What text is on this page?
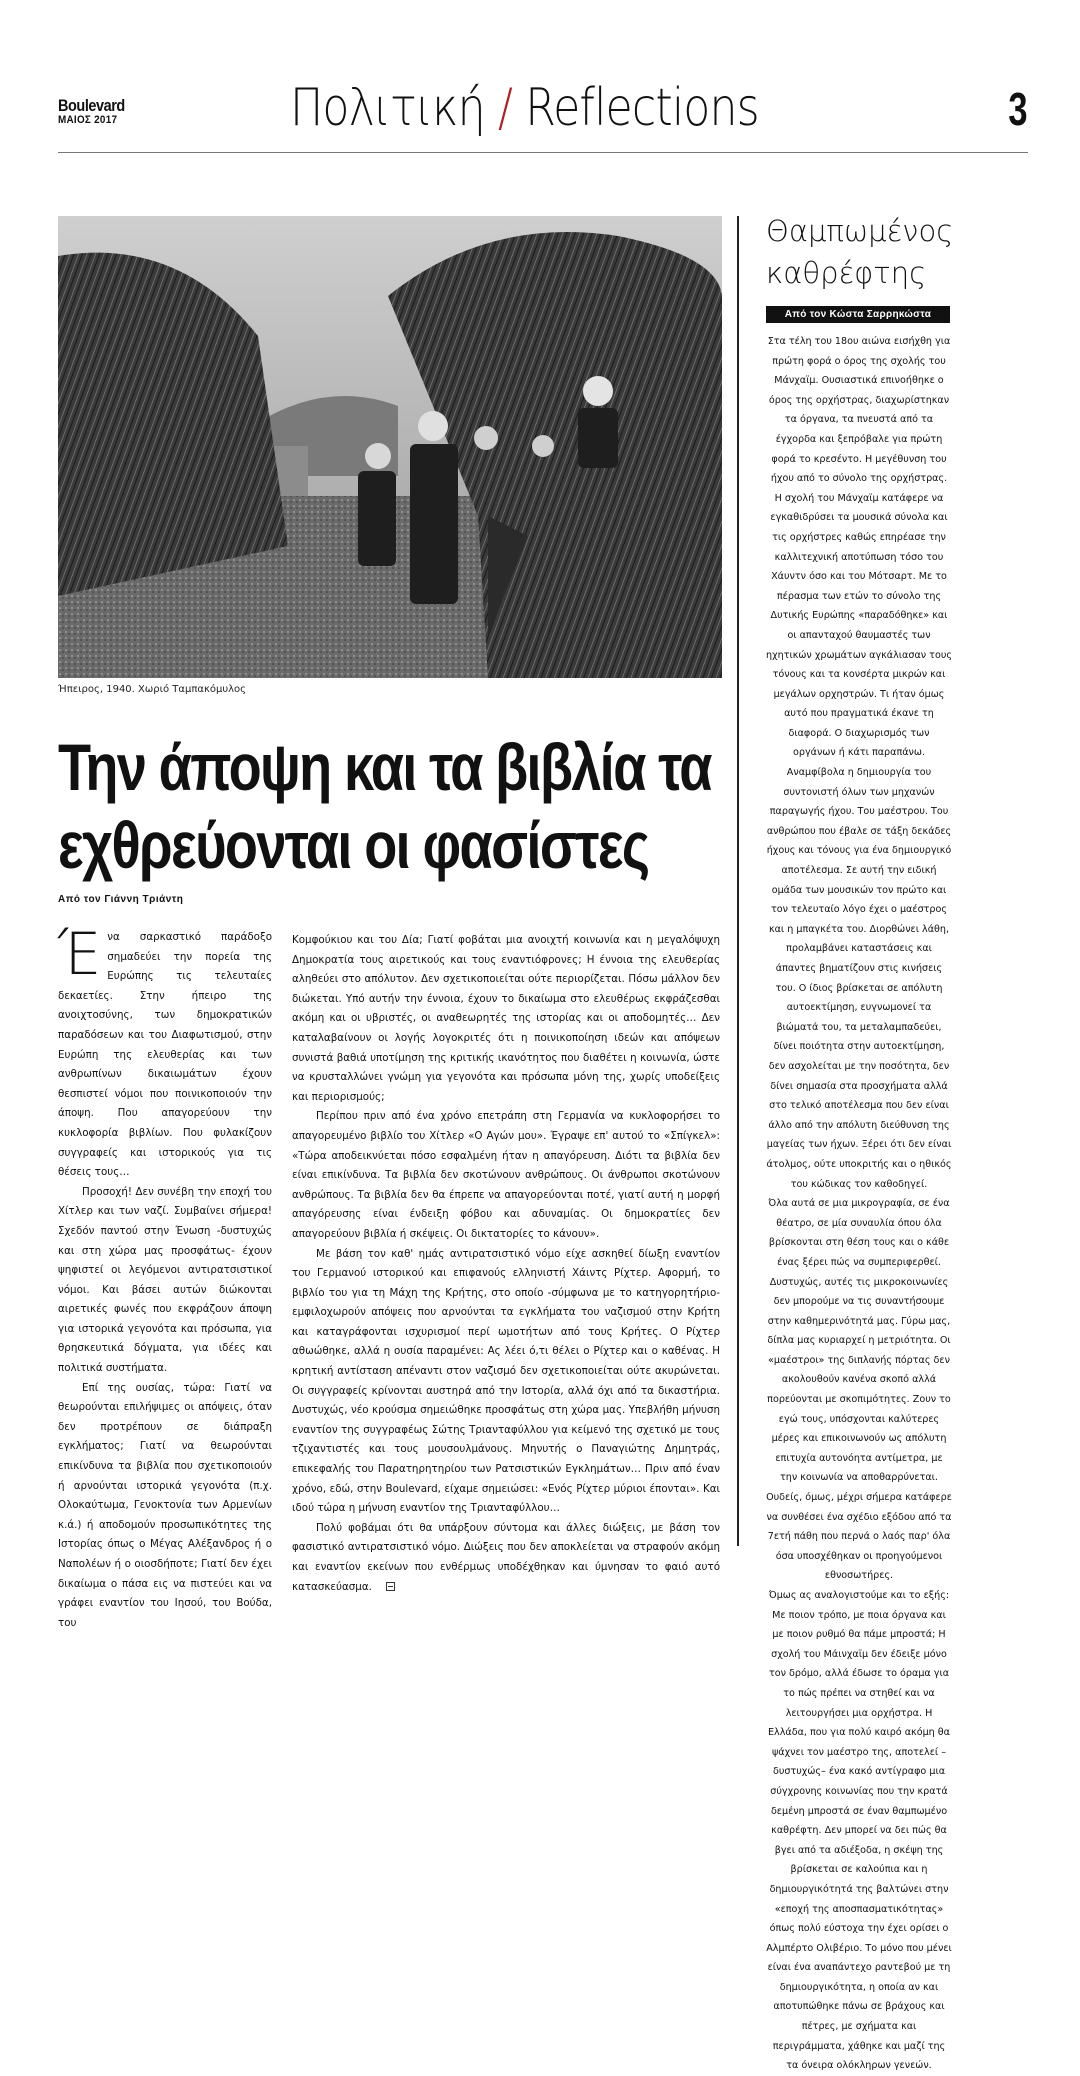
Boulevard
ΜΑΙΟΣ 2017	Πολιτική / Reflections	3
Ήπειρος, 1940. Χωριό Ταμπακόμυλος
Την άποψη και τα βιβλία τα εχθρεύονται οι φασίστες
Από τον Γιάννη Τριάντη

Ένα σαρκαστικό παράδοξο σημαδεύει την πορεία της Ευρώπης τις τελευταίες δεκαετίες. Στην ήπειρο της ανοιχτοσύνης, των δημοκρατικών παραδόσεων και του Διαφωτισμού, στην Ευρώπη της ελευθερίας και των ανθρωπίνων δικαιωμάτων έχουν θεσπιστεί νόμοι που ποινικοποιούν την άποψη. Που απαγορεύουν την κυκλοφορία βιβλίων. Που φυλακίζουν συγγραφείς και ιστορικούς για τις θέσεις τους…

Προσοχή! Δεν συνέβη την εποχή του Χίτλερ και των ναζί. Συμβαίνει σήμερα! Σχεδόν παντού στην Ένωση -δυστυχώς και στη χώρα μας προσφάτως- έχουν ψηφιστεί οι λεγόμενοι αντιρατσιστικοί νόμοι. Και βάσει αυτών διώκονται αιρετικές φωνές που εκφράζουν άποψη για ιστορικά γεγονότα και πρόσωπα, για θρησκευτικά δόγματα, για ιδέες και πολιτικά συστήματα.

Επί της ουσίας, τώρα: Γιατί να θεωρούνται επιλήψιμες οι απόψεις, όταν δεν προτρέπουν σε διάπραξη εγκλήματος; Γιατί να θεωρούνται επικίνδυνα τα βιβλία που σχετικοποιούν ή αρνούνται ιστορικά γεγονότα (π.χ. Ολοκαύτωμα, Γενοκτονία των Αρμενίων κ.ά.) ή αποδομούν προσωπικότητες της Ιστορίας όπως ο Μέγας Αλέξανδρος ή ο Ναπολέων ή ο οιοσδήποτε; Γιατί δεν έχει δικαίωμα ο πάσα εις να πιστεύει και να γράφει εναντίον του Ιησού, του Βούδα, του

Κομφούκιου και του Δία; Γιατί φοβάται μια ανοιχτή κοινωνία και η μεγαλόψυχη Δημοκρατία τους αιρετικούς και τους εναντιόφρονες; Η έννοια της ελευθερίας αληθεύει στο απόλυτον. Δεν σχετικοποιείται ούτε περιορίζεται. Πόσω μάλλον δεν διώκεται. Υπό αυτήν την έννοια, έχουν το δικαίωμα στο ελευθέρως εκφράζεσθαι ακόμη και οι υβριστές, οι αναθεωρητές της ιστορίας και οι αποδομητές… Δεν καταλαβαίνουν οι λογής λογοκριτές ότι η ποινικοποίηση ιδεών και απόψεων συνιστά βαθιά υποτίμηση της κριτικής ικανότητος που διαθέτει η κοινωνία, ώστε να κρυσταλλώνει γνώμη για γεγονότα και πρόσωπα μόνη της, χωρίς υποδείξεις και περιορισμούς;

Περίπου πριν από ένα χρόνο επετράπη στη Γερμανία να κυκλοφορήσει το απαγορευμένο βιβλίο του Χίτλερ «Ο Αγών μου». Έγραψε επ' αυτού το «Σπίγκελ»: «Τώρα αποδεικνύεται πόσο εσφαλμένη ήταν η απαγόρευση. Διότι τα βιβλία δεν είναι επικίνδυνα. Τα βιβλία δεν σκοτώνουν ανθρώπους. Οι άνθρωποι σκοτώνουν ανθρώπους. Τα βιβλία δεν θα έπρεπε να απαγορεύονται ποτέ, γιατί αυτή η μορφή απαγόρευσης είναι ένδειξη φόβου και αδυναμίας. Οι δημοκρατίες δεν απαγορεύουν βιβλία ή σκέψεις. Οι δικτατορίες το κάνουν».

Με βάση τον καθ' ημάς αντιρατσιστικό νόμο είχε ασκηθεί δίωξη εναντίον του Γερμανού ιστορικού και επιφανούς ελληνιστή Χάιντς Ρίχτερ. Αφορμή, το βιβλίο του για τη Μάχη της Κρήτης, στο οποίο -σύμφωνα με το κατηγορητήριο- εμφιλοχωρούν απόψεις που αρνούνται τα εγκλήματα του ναζισμού στην Κρήτη και καταγράφονται ισχυρισμοί περί ωμοτήτων από τους Κρήτες. Ο Ρίχτερ αθωώθηκε, αλλά η ουσία παραμένει: Ας λέει ό,τι θέλει ο Ρίχτερ και ο καθένας. Η κρητική αντίσταση απέναντι στον ναζισμό δεν σχετικοποιείται ούτε ακυρώνεται. Οι συγγραφείς κρίνονται αυστηρά από την Ιστορία, αλλά όχι από τα δικαστήρια. Δυστυχώς, νέο κρούσμα σημειώθηκε προσφάτως στη χώρα μας. Υπεβλήθη μήνυση εναντίον της συγγραφέως Σώτης Τριανταφύλλου για κείμενό της σχετικό με τους τζιχαντιστές και τους μουσουλμάνους. Μηνυτής ο Παναγιώτης Δημητράς, επικεφαλής του Παρατηρητηρίου των Ρατσιστικών Εγκλημάτων… Πριν από έναν χρόνο, εδώ, στην Boulevard, είχαμε σημειώσει: «Ενός Ρίχτερ μύριοι έπονται». Και ιδού τώρα η μήνυση εναντίον της Τριανταφύλλου…

Πολύ φοβάμαι ότι θα υπάρξουν σύντομα και άλλες διώξεις, με βάση τον φασιστικό αντιρατσιστικό νόμο. Διώξεις που δεν αποκλείεται να στραφούν ακόμη και εναντίον εκείνων που ενθέρμως υποδέχθηκαν και ύμνησαν το φαιό αυτό κατασκεύασμα.

Θαμπωμένος
καθρέφτης
Από τον Κώστα Σαρρηκώστα

Στα τέλη του 18ου αιώνα εισήχθη για πρώτη φορά ο όρος της σχολής του Μάνχαϊμ. Ουσιαστικά επινοήθηκε ο όρος της ορχήστρας, διαχωρίστηκαν τα όργανα, τα πνευστά από τα έγχορδα και ξεπρόβαλε για πρώτη φορά το κρεσέντο. Η μεγέθυνση του ήχου από το σύνολο της ορχήστρας. Η σχολή του Μάνχαϊμ κατάφερε να εγκαθιδρύσει τα μουσικά σύνολα και τις ορχήστρες καθώς επηρέασε την καλλιτεχνική αποτύπωση τόσο του Χάυντν όσο και του Μότσαρτ. Με το πέρασμα των ετών το σύνολο της Δυτικής Ευρώπης «παραδόθηκε» και οι απανταχού θαυμαστές των ηχητικών χρωμάτων αγκάλιασαν τους τόνους και τα κονσέρτα μικρών και μεγάλων ορχηστρών. Τι ήταν όμως αυτό που πραγματικά έκανε τη διαφορά. Ο διαχωρισμός των οργάνων ή κάτι παραπάνω. Αναμφίβολα η δημιουργία του συντονιστή όλων των μηχανών παραγωγής ήχου. Του μαέστρου. Του ανθρώπου που έβαλε σε τάξη δεκάδες ήχους και τόνους για ένα δημιουργικό αποτέλεσμα. Σε αυτή την ειδική ομάδα των μουσικών τον πρώτο και τον τελευταίο λόγο έχει ο μαέστρος και η μπαγκέτα του. Διορθώνει λάθη, προλαμβάνει καταστάσεις και άπαντες βηματίζουν στις κινήσεις του. Ο ίδιος βρίσκεται σε απόλυτη αυτοεκτίμηση, ευγνωμονεί τα βιώματά του, τα μεταλαμπαδεύει, δίνει ποιότητα στην αυτοεκτίμηση, δεν ασχολείται με την ποσότητα, δεν δίνει σημασία στα προσχήματα αλλά στο τελικό αποτέλεσμα που δεν είναι άλλο από την απόλυτη διεύθυνση της μαγείας των ήχων. Ξέρει ότι δεν είναι άτολμος, ούτε υποκριτής και ο ηθικός του κώδικας τον καθοδηγεί.

Όλα αυτά σε μια μικρογραφία, σε ένα θέατρο, σε μία συναυλία όπου όλα βρίσκονται στη θέση τους και ο κάθε ένας ξέρει πώς να συμπεριφερθεί. Δυστυχώς, αυτές τις μικροκοινωνίες δεν μπορούμε να τις συναντήσουμε στην καθημερινότητά μας. Γύρω μας, δίπλα μας κυριαρχεί η μετριότητα. Οι «μαέστροι» της διπλανής πόρτας δεν ακολουθούν κανένα σκοπό αλλά πορεύονται με σκοπιμότητες. Ζουν το εγώ τους, υπόσχονται καλύτερες μέρες και επικοινωνούν ως απόλυτη επιτυχία αυτονόητα αντίμετρα, με την κοινωνία να αποθαρρύνεται. Ουδείς, όμως, μέχρι σήμερα κατάφερε να συνθέσει ένα σχέδιο εξόδου από τα 7ετή πάθη που περνά ο λαός παρ' όλα όσα υποσχέθηκαν οι προηγούμενοι εθνοσωτήρες.

Όμως ας αναλογιστούμε και το εξής: Με ποιον τρόπο, με ποια όργανα και με ποιον ρυθμό θα πάμε μπροστά; Η σχολή του Μάινχαϊμ δεν έδειξε μόνο τον δρόμο, αλλά έδωσε το όραμα για το πώς πρέπει να στηθεί και να λειτουργήσει μια ορχήστρα. Η Ελλάδα, που για πολύ καιρό ακόμη θα ψάχνει τον μαέστρο της, αποτελεί –δυστυχώς– ένα κακό αντίγραφο μια σύγχρονης κοινωνίας που την κρατά δεμένη μπροστά σε έναν θαμπωμένο καθρέφτη. Δεν μπορεί να δει πώς θα βγει από τα αδιέξοδα, η σκέψη της βρίσκεται σε καλούπια και η δημιουργικότητά της βαλτώνει στην «εποχή της αποσπασματικότητας» όπως πολύ εύστοχα την έχει ορίσει ο Αλμπέρτο Ολιβέριο. Το μόνο που μένει είναι ένα αναπάντεχο ραντεβού με τη δημιουργικότητα, η οποία αν και αποτυπώθηκε πάνω σε βράχους και πέτρες, με σχήματα και περιγράμματα, χάθηκε και μαζί της τα όνειρα ολόκληρων γενεών.
